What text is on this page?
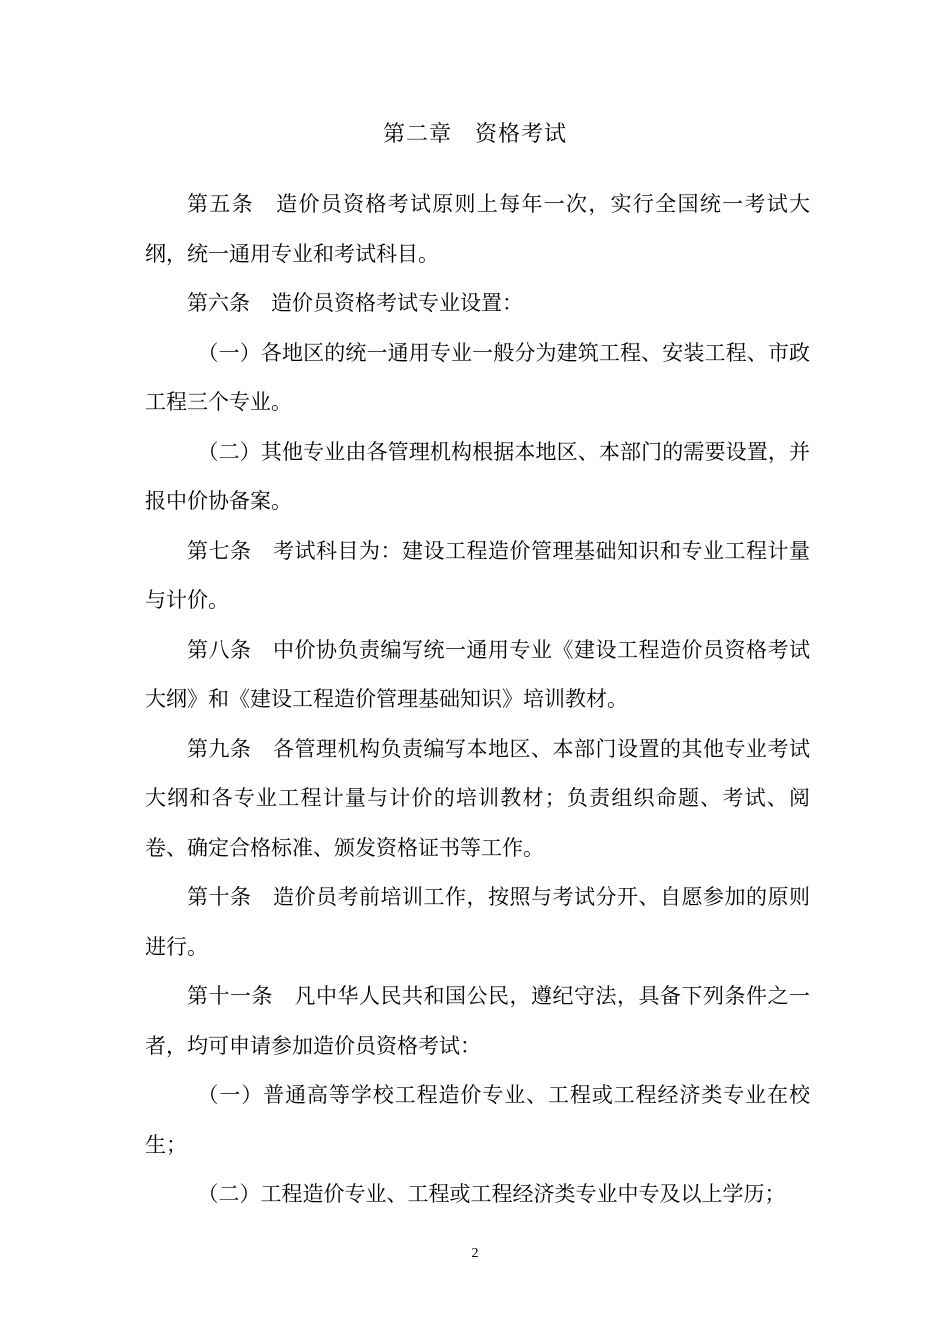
第二章　资格考试

第五条　造价员资格考试原则上每年一次，实行全国统一考试大纲，统一通用专业和考试科目。

第六条　造价员资格考试专业设置：

（一）各地区的统一通用专业一般分为建筑工程、安装工程、市政工程三个专业。

（二）其他专业由各管理机构根据本地区、本部门的需要设置，并报中价协备案。

第七条　考试科目为：建设工程造价管理基础知识和专业工程计量与计价。

第八条　中价协负责编写统一通用专业《建设工程造价员资格考试大纲》和《建设工程造价管理基础知识》培训教材。

第九条　各管理机构负责编写本地区、本部门设置的其他专业考试大纲和各专业工程计量与计价的培训教材；负责组织命题、考试、阅卷、确定合格标准、颁发资格证书等工作。

第十条　造价员考前培训工作，按照与考试分开、自愿参加的原则进行。

第十一条　凡中华人民共和国公民，遵纪守法，具备下列条件之一者，均可申请参加造价员资格考试：

（一）普通高等学校工程造价专业、工程或工程经济类专业在校生；

（二）工程造价专业、工程或工程经济类专业中专及以上学历；

2
